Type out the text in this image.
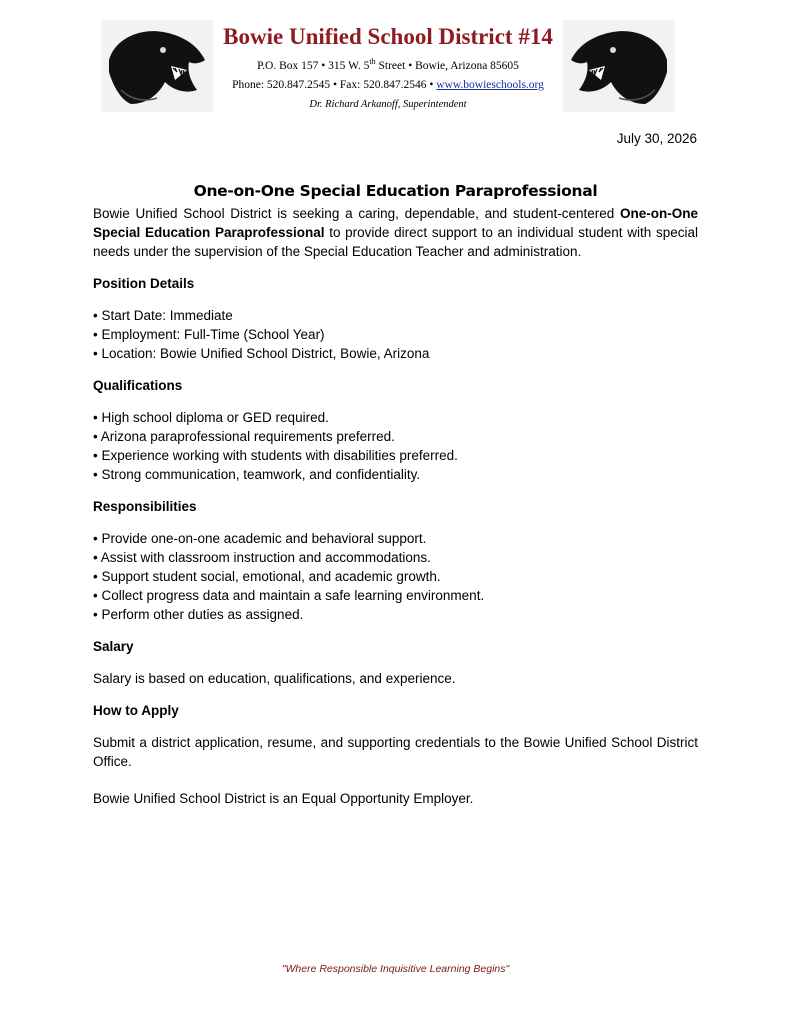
Bowie Unified School District #14
P.O. Box 157 • 315 W. 5th Street • Bowie, Arizona 85605
Phone: 520.847.2545 • Fax: 520.847.2546 • www.bowieschools.org
Dr. Richard Arkanoff, Superintendent
July 30, 2026
One-on-One Special Education Paraprofessional

Bowie Unified School District is seeking a caring, dependable, and student-centered One-on-One Special Education Paraprofessional to provide direct support to an individual student with special needs under the supervision of the Special Education Teacher and administration.

Position Details
• Start Date: Immediate
• Employment: Full-Time (School Year)
• Location: Bowie Unified School District, Bowie, Arizona
Qualifications
• High school diploma or GED required.
• Arizona paraprofessional requirements preferred.
• Experience working with students with disabilities preferred.
• Strong communication, teamwork, and confidentiality.
Responsibilities
• Provide one-on-one academic and behavioral support.
• Assist with classroom instruction and accommodations.
• Support student social, emotional, and academic growth.
• Collect progress data and maintain a safe learning environment.
• Perform other duties as assigned.
Salary

Salary is based on education, qualifications, and experience.

How to Apply

Submit a district application, resume, and supporting credentials to the Bowie Unified School District Office.

Bowie Unified School District is an Equal Opportunity Employer.

"Where Responsible Inquisitive Learning Begins"
